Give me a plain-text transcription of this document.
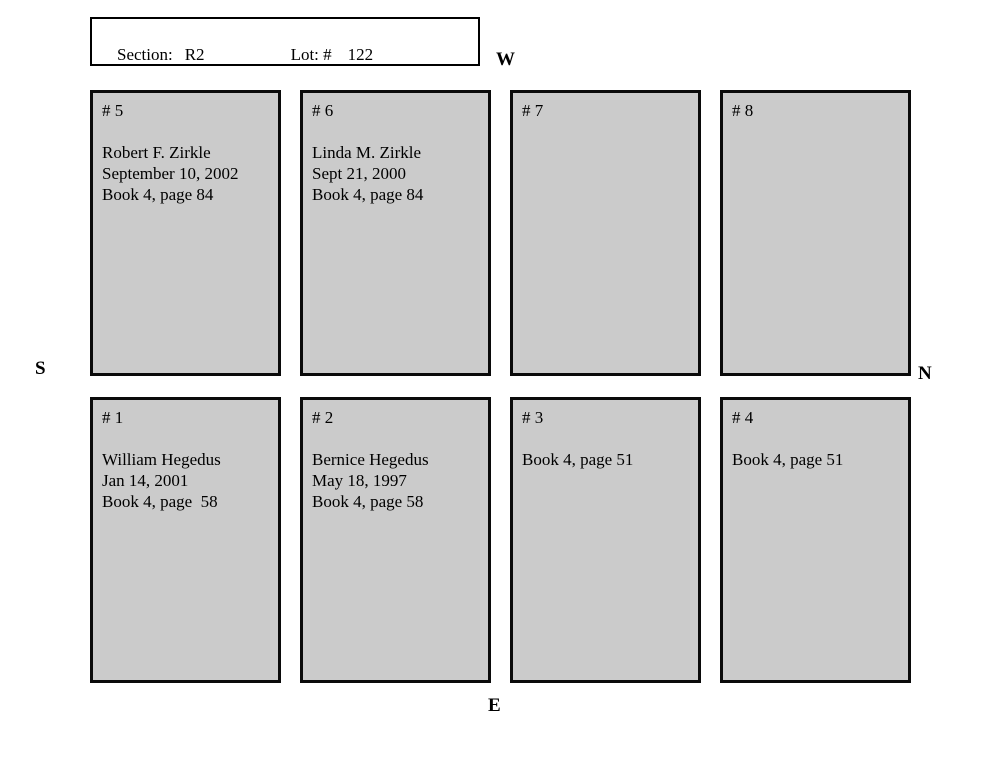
Section: R2	Lot: # 122
	W
S	N
E
# 5
Robert F. Zirkle
September 10, 2002
Book 4, page 84
# 6
Linda M. Zirkle
Sept 21, 2000
Book 4, page 84
# 7	# 8
# 1
William Hegedus
Jan 14, 2001
Book 4, page  58
# 2
Bernice Hegedus
May 18, 1997
Book 4, page 58
# 3
Book 4, page 51
# 4
Book 4, page 51
